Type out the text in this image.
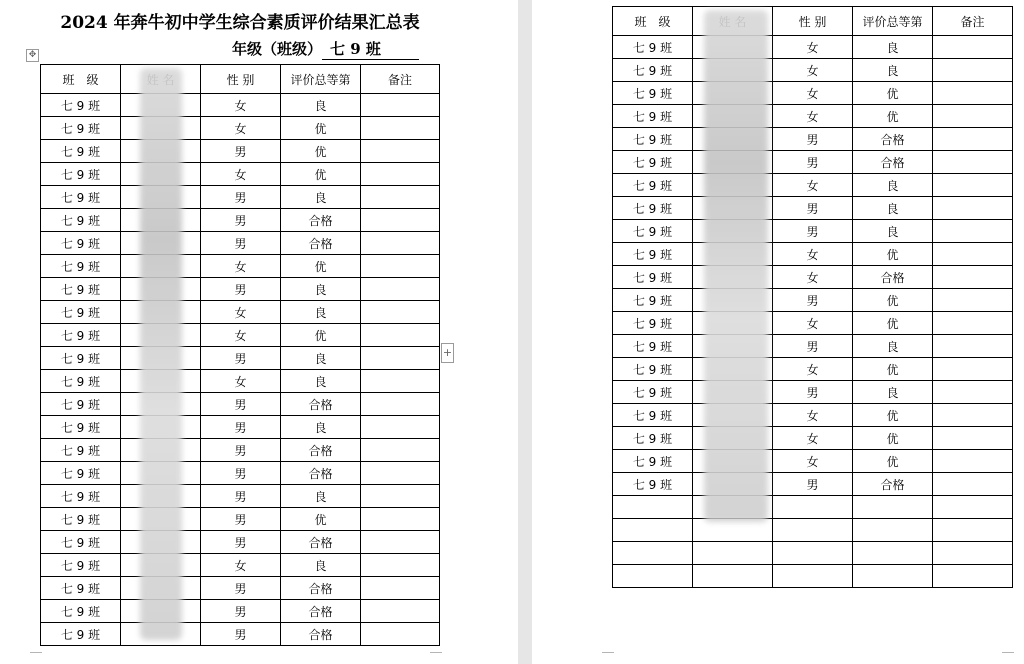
2024 年奔牛初中学生综合素质评价结果汇总表
年级（班级） 七 9 班
✥
班　级		性 别	评价总等第	备注
七 9 班		女	良	
七 9 班		女	优	
七 9 班		男	优	
七 9 班		女	优	
七 9 班		男	良	
七 9 班		男	合格	
七 9 班		男	合格	
七 9 班		女	优	
七 9 班		男	良	
七 9 班		女	良	
七 9 班		女	优	
七 9 班		男	良	
七 9 班		女	良	
七 9 班		男	合格	
七 9 班		男	良	
七 9 班		男	合格	
七 9 班		男	合格	
七 9 班		男	良	
七 9 班		男	优	
七 9 班		男	合格	
七 9 班		女	良	
七 9 班		男	合格	
七 9 班		男	合格	
七 9 班		男	合格	
+
班　级		性 别	评价总等第	备注
七 9 班		女	良	
七 9 班		女	良	
七 9 班		女	优	
七 9 班		女	优	
七 9 班		男	合格	
七 9 班		男	合格	
七 9 班		女	良	
七 9 班		男	良	
七 9 班		男	良	
七 9 班		女	优	
七 9 班		女	合格	
七 9 班		男	优	
七 9 班		女	优	
七 9 班		男	良	
七 9 班		女	优	
七 9 班		男	良	
七 9 班		女	优	
七 9 班		女	优	
七 9 班		女	优	
七 9 班		男	合格	
